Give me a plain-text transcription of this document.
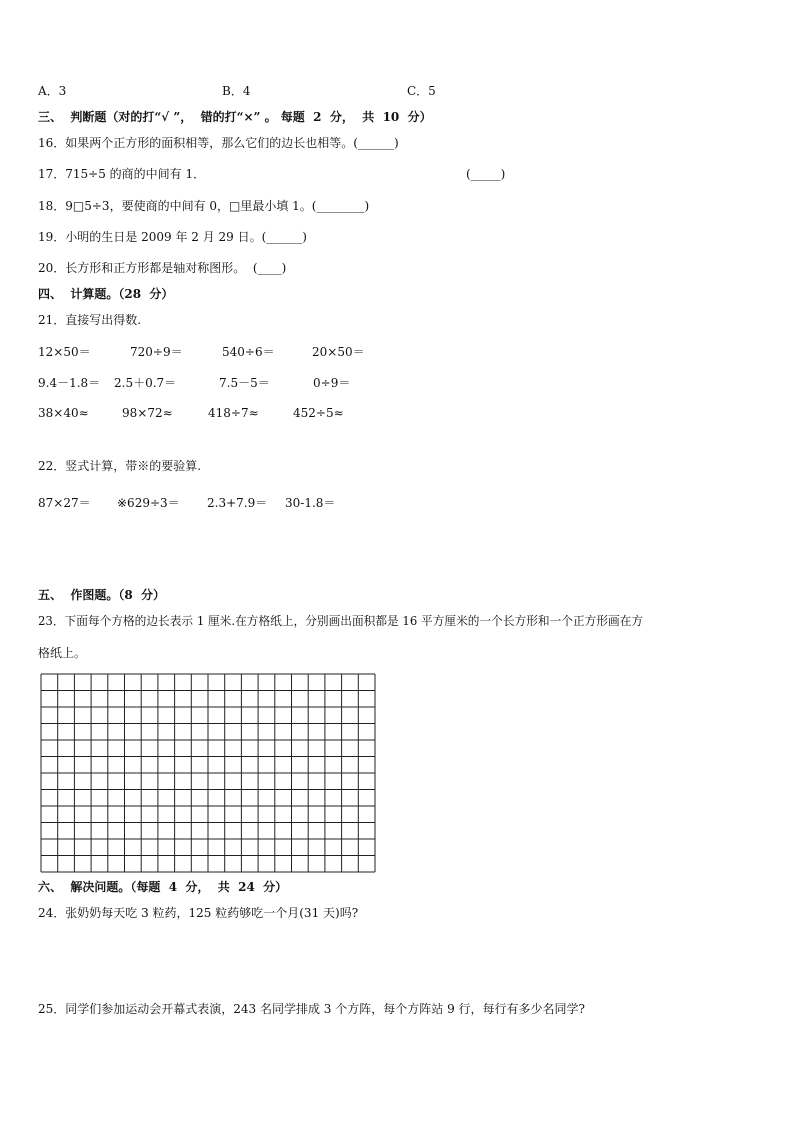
A．3	B．4	C．5
三、  判断题（对的打“√ ”，  错的打“×” 。 每题  2  分，  共  10  分）
16．如果两个正方形的面积相等，那么它们的边长也相等。(______)
17．715÷5 的商的中间有 1．	(_____)
18．9□5÷3，要使商的中间有 0，□里最小填 1。(________)
19．小明的生日是 2009 年 2 月 29 日。(______)
20．长方形和正方形都是轴对称图形。  (____)
四、  计算题。（28  分）
21．直接写出得数.
12×50＝	720÷9＝	540÷6＝	20×50＝
9.4－1.8＝ 2.5＋0.7＝	7.5－5＝	0÷9＝
38×40≈	98×72≈	418÷7≈	452÷5≈
22．竖式计算，带※的要验算.
87×27＝ ※629÷3＝ 2.3+7.9＝ 30-1.8＝
五、  作图题。（8  分）
23．下面每个方格的边长表示 1 厘米.在方格纸上，分别画出面积都是 16 平方厘米的一个长方形和一个正方形画在方
格纸上。
六、  解决问题。（每题  4  分，  共  24  分）
24．张奶奶每天吃 3 粒药，125 粒药够吃一个月(31 天)吗?
25．同学们参加运动会开幕式表演，243 名同学排成 3 个方阵，每个方阵站 9 行，每行有多少名同学?
